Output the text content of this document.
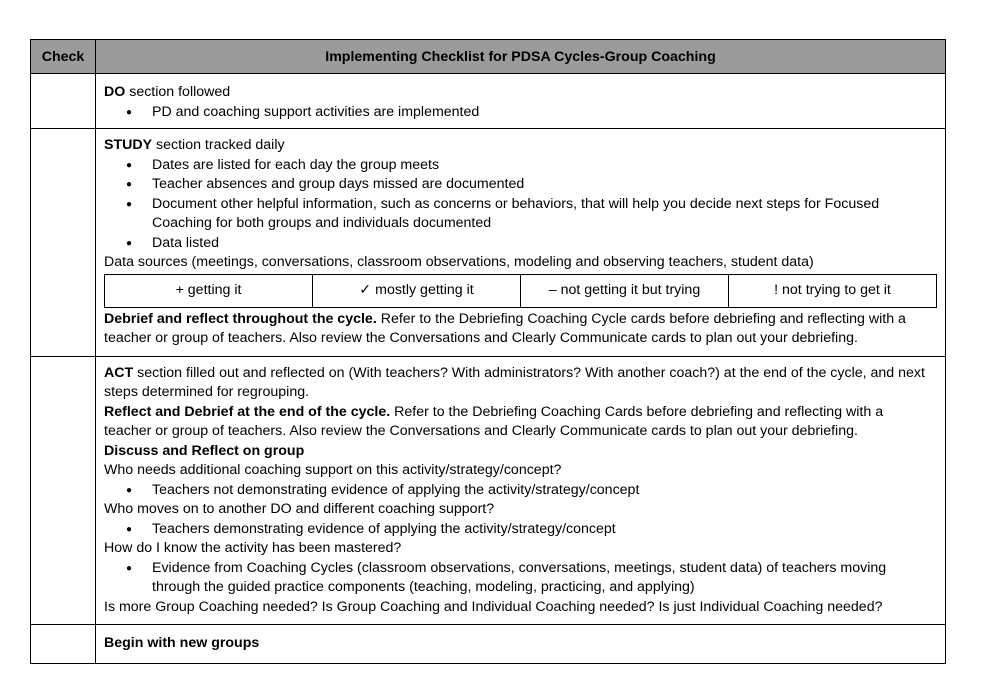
Check	Implementing Checklist for PDSA Cycles-Group Coaching

DO section followed
● PD and coaching support activities are implemented

STUDY section tracked daily
● Dates are listed for each day the group meets
● Teacher absences and group days missed are documented
● Document other helpful information, such as concerns or behaviors, that will help you decide next steps for Focused Coaching for both groups and individuals documented
● Data listed
Data sources (meetings, conversations, classroom observations, modeling and observing teachers, student data)
+ getting it	✓ mostly getting it	– not getting it but trying	! not trying to get it
Debrief and reflect throughout the cycle. Refer to the Debriefing Coaching Cycle cards before debriefing and reflecting with a teacher or group of teachers. Also review the Conversations and Clearly Communicate cards to plan out your debriefing.

ACT section filled out and reflected on (With teachers? With administrators? With another coach?) at the end of the cycle, and next steps determined for regrouping.
Reflect and Debrief at the end of the cycle. Refer to the Debriefing Coaching Cards before debriefing and reflecting with a teacher or group of teachers. Also review the Conversations and Clearly Communicate cards to plan out your debriefing.
Discuss and Reflect on group
Who needs additional coaching support on this activity/strategy/concept?
● Teachers not demonstrating evidence of applying the activity/strategy/concept
Who moves on to another DO and different coaching support?
● Teachers demonstrating evidence of applying the activity/strategy/concept
How do I know the activity has been mastered?
● Evidence from Coaching Cycles (classroom observations, conversations, meetings, student data) of teachers moving through the guided practice components (teaching, modeling, practicing, and applying)
Is more Group Coaching needed? Is Group Coaching and Individual Coaching needed? Is just Individual Coaching needed?

Begin with new groups
